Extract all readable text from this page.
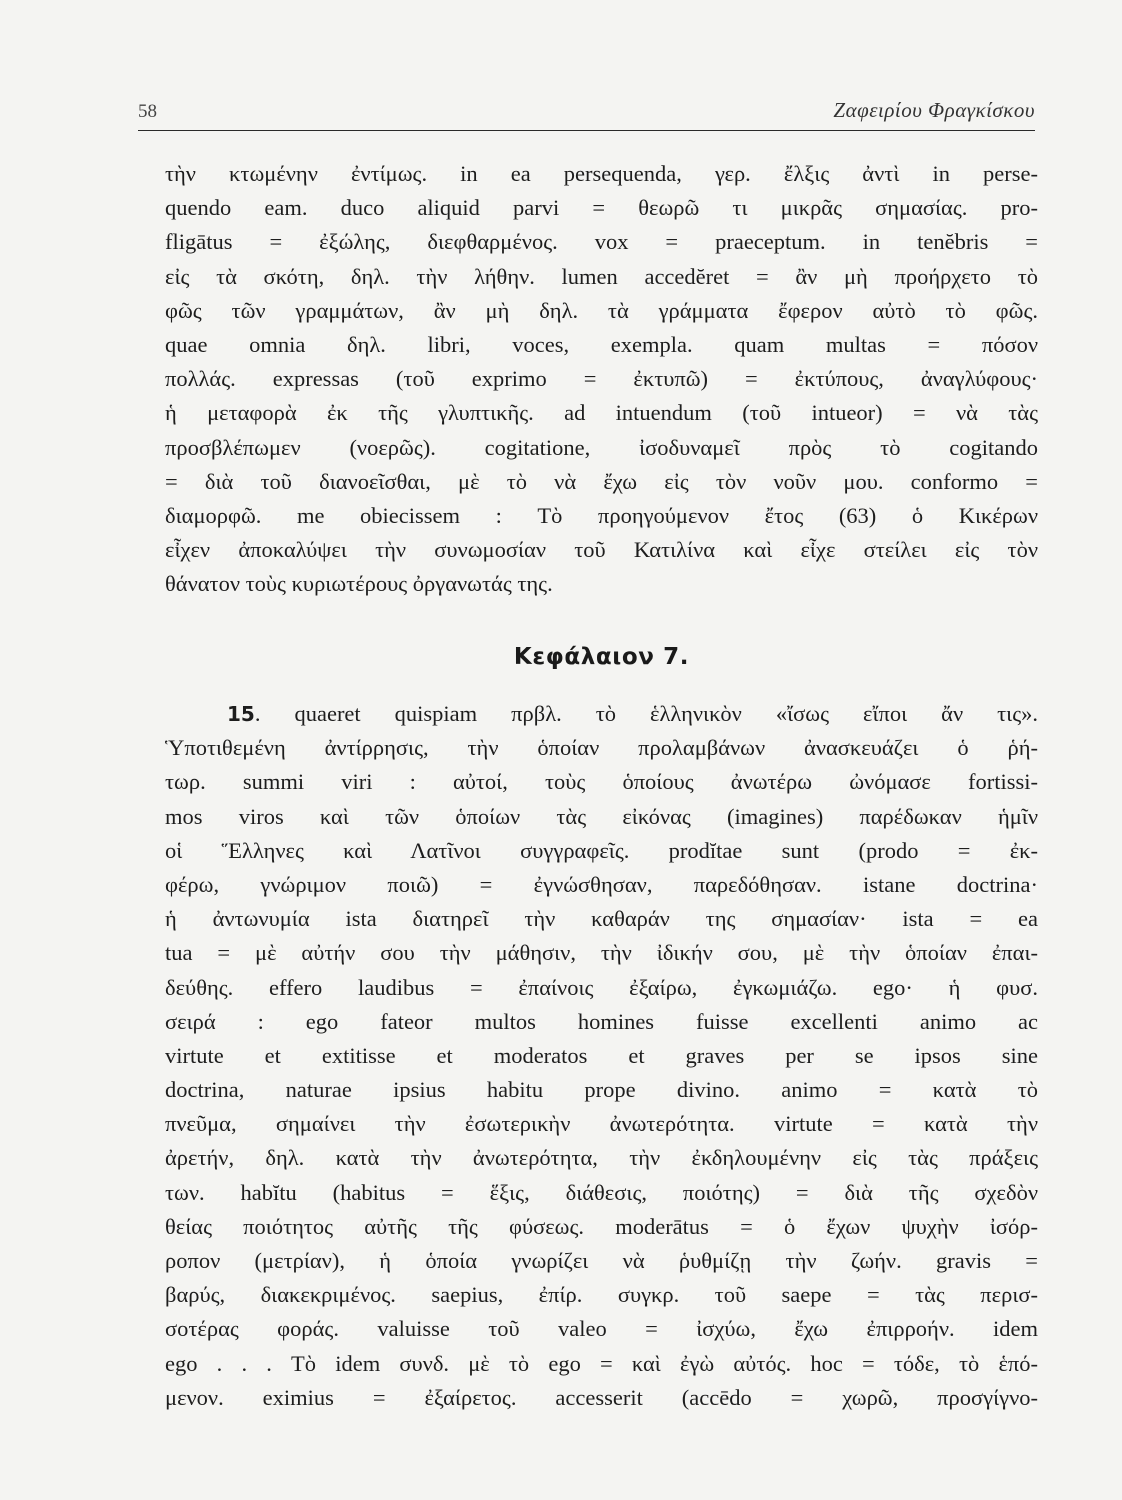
58	Ζαφειρίου Φραγκίσκου
τὴν κτωμένην ἐντίμως. in ea persequenda, γερ. ἔλξις ἀντὶ in perse-
quendo eam. duco aliquid parvi = θεωρῶ τι μικρᾶς σημασίας. pro-
fligātus = ἐξώλης, διεφθαρμένος. vox = praeceptum. in tenĕbris =
εἰς τὰ σκότη, δηλ. τὴν λήθην. lumen accedĕret = ἂν μὴ προήρχετο τὸ
φῶς τῶν γραμμάτων, ἂν μὴ δηλ. τὰ γράμματα ἔφερον αὐτὸ τὸ φῶς.
quae omnia δηλ. libri, voces, exempla. quam multas = πόσον
πολλάς. expressas (τοῦ exprimo = ἐκτυπῶ) = ἐκτύπους, ἀναγλύφους·
ἡ μεταφορὰ ἐκ τῆς γλυπτικῆς. ad intuendum (τοῦ intueor) = νὰ τὰς
προσβλέπωμεν (νοερῶς). cogitatione, ἰσοδυναμεῖ πρὸς τὸ cogitando
= διὰ τοῦ διανοεῖσθαι, μὲ τὸ νὰ ἔχω εἰς τὸν νοῦν μου. conformo =
διαμορφῶ. me obiecissem : Τὸ προηγούμενον ἔτος (63) ὁ Κικέρων
εἶχεν ἀποκαλύψει τὴν συνωμοσίαν τοῦ Κατιλίνα καὶ εἶχε στείλει εἰς τὸν
θάνατον τοὺς κυριωτέρους ὀργανωτάς της.
Κεφάλαιον 7.
15. quaeret quispiam πρβλ. τὸ ἑλληνικὸν «ἴσως εἴποι ἄν τις».
Ὑποτιθεμένη ἀντίρρησις, τὴν ὁποίαν προλαμβάνων ἀνασκευάζει ὁ ῥή-
τωρ. summi viri : αὐτοί, τοὺς ὁποίους ἀνωτέρω ὠνόμασε fortissi-
mos viros καὶ τῶν ὁποίων τὰς εἰκόνας (imagines) παρέδωκαν ἡμῖν
οἱ Ἕλληνες καὶ Λατῖνοι συγγραφεῖς. prodĭtae sunt (prodo = ἐκ-
φέρω, γνώριμον ποιῶ) = ἐγνώσθησαν, παρεδόθησαν. istane doctrina·
ἡ ἀντωνυμία ista διατηρεῖ τὴν καθαράν της σημασίαν· ista = ea
tua = μὲ αὐτήν σου τὴν μάθησιν, τὴν ἰδικήν σου, μὲ τὴν ὁποίαν ἐπαι-
δεύθης. effero laudibus = ἐπαίνοις ἐξαίρω, ἐγκωμιάζω. ego· ἡ φυσ.
σειρά : ego fateor multos homines fuisse excellenti animo ac
virtute et extitisse et moderatos et graves per se ipsos sine
doctrina, naturae ipsius habitu prope divino. animo = κατὰ τὸ
πνεῦμα, σημαίνει τὴν ἐσωτερικὴν ἀνωτερότητα. virtute = κατὰ τὴν
ἀρετήν, δηλ. κατὰ τὴν ἀνωτερότητα, τὴν ἐκδηλουμένην εἰς τὰς πράξεις
των. habĭtu (habitus = ἕξις, διάθεσις, ποιότης) = διὰ τῆς σχεδὸν
θείας ποιότητος αὐτῆς τῆς φύσεως. moderātus = ὁ ἔχων ψυχὴν ἰσόρ-
ροπον (μετρίαν), ἡ ὁποία γνωρίζει νὰ ῥυθμίζῃ τὴν ζωήν. gravis =
βαρύς, διακεκριμένος. saepius, ἐπίρ. συγκρ. τοῦ saepe = τὰς περισ-
σοτέρας φοράς. valuisse τοῦ valeo = ἰσχύω, ἔχω ἐπιρροήν. idem
ego . . . Τὸ idem συνδ. μὲ τὸ ego = καὶ ἐγὼ αὐτός. hoc = τόδε, τὸ ἑπό-
μενον. eximius = ἐξαίρετος. accesserit (accēdo = χωρῶ, προσγίγνο-
